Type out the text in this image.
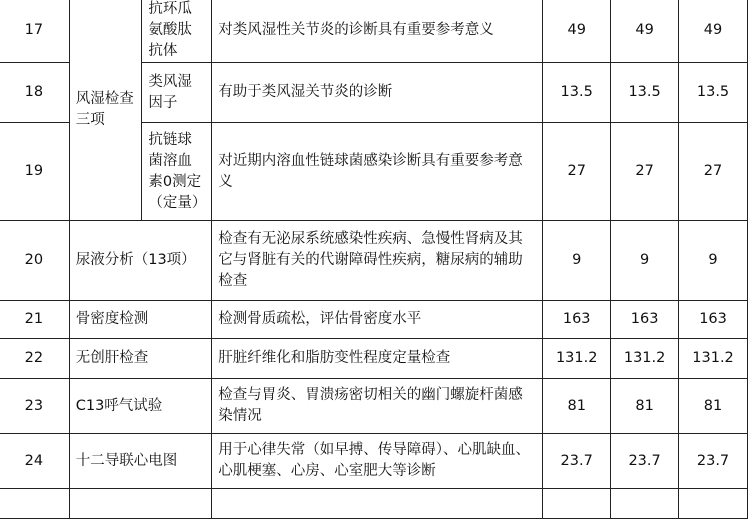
17	风湿检查三项	抗环瓜氨酸肽抗体	对类风湿性关节炎的诊断具有重要参考意义	49	49	49
18		类风湿因子	有助于类风湿关节炎的诊断	13.5	13.5	13.5
19		抗链球菌溶血素0测定（定量）	对近期内溶血性链球菌感染诊断具有重要参考意义	27	27	27
20	尿液分析（13项）		检查有无泌尿系统感染性疾病、急慢性肾病及其它与肾脏有关的代谢障碍性疾病，糖尿病的辅助检查	9	9	9
21	骨密度检测		检测骨质疏松，评估骨密度水平	163	163	163
22	无创肝检查		肝脏纤维化和脂肪变性程度定量检查	131.2	131.2	131.2
23	C13呼气试验		检查与胃炎、胃溃疡密切相关的幽门螺旋杆菌感染情况	81	81	81
24	十二导联心电图		用于心律失常（如早搏、传导障碍）、心肌缺血、心肌梗塞、心房、心室肥大等诊断	23.7	23.7	23.7
